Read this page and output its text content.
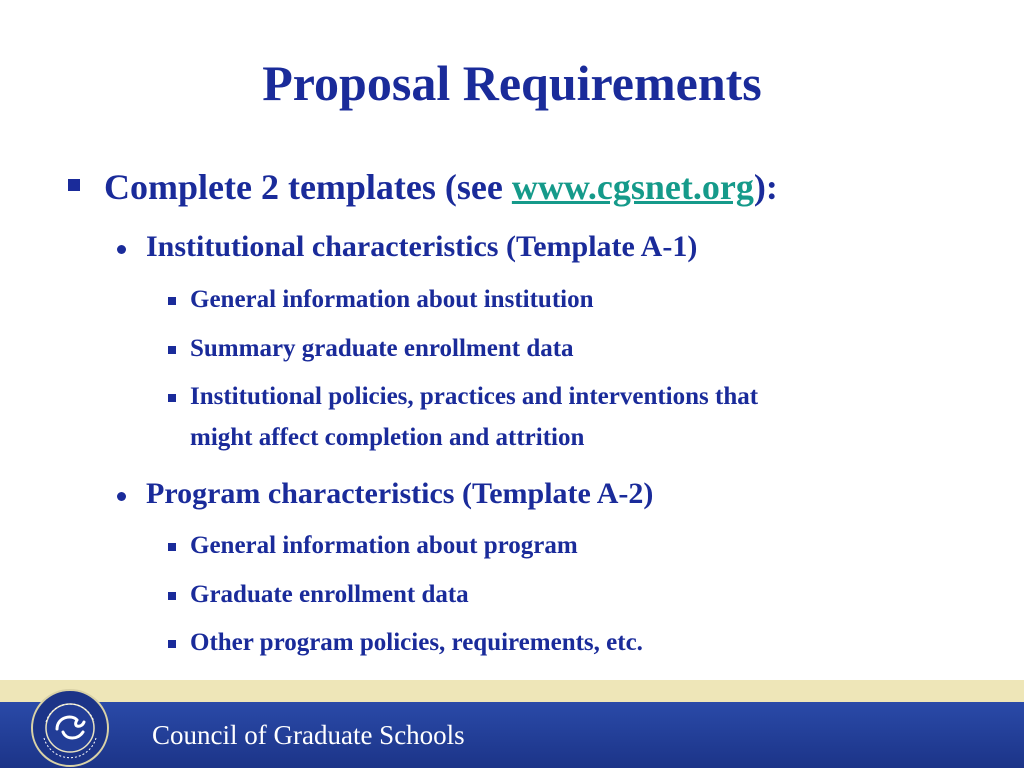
Proposal Requirements
Complete 2 templates (see www.cgsnet.org):
Institutional characteristics (Template A-1)
General information about institution
Summary graduate enrollment data
Institutional policies, practices and interventions that
might affect completion and attrition
Program characteristics (Template A-2)
General information about program
Graduate enrollment data
Other program policies, requirements, etc.
Council of Graduate Schools
